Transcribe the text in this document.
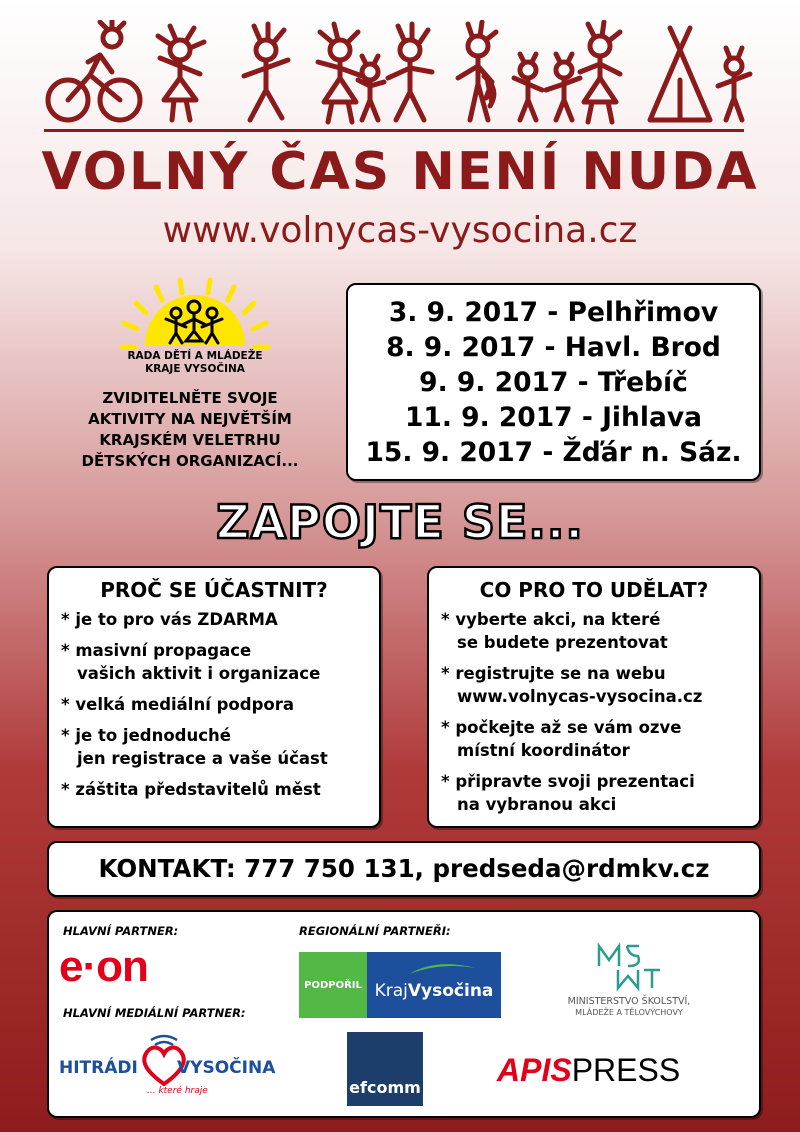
VOLNÝ ČAS NENÍ NUDA
www.volnycas-vysocina.cz
RADA DĚTÍ A MLÁDEŽE
KRAJE VYSOČINA
ZVIDITELNĚTE SVOJE
AKTIVITY NA NEJVĚTŠÍM
KRAJSKÉM VELETRHU
DĚTSKÝCH ORGANIZACÍ...
3. 9. 2017 - Pelhřimov
8. 9. 2017 - Havl. Brod
9. 9. 2017 - Třebíč
11. 9. 2017 - Jihlava
15. 9. 2017 - Žďár n. Sáz.
ZAPOJTE SE...
PROČ SE ÚČASTNIT?
* je to pro vás ZDARMA
* masivní propagace
vašich aktivit i organizace
* velká mediální podpora
* je to jednoduché
jen registrace a vaše účast
* záštita představitelů měst
CO PRO TO UDĚLAT?
* vyberte akci, na které
se budete prezentovat
* registrujte se na webu
www.volnycas-vysocina.cz
* počkejte až se vám ozve
místní koordinátor
* připravte svoji prezentaci
na vybranou akci
KONTAKT: 777 750 131, predseda@rdmkv.cz
HLAVNÍ PARTNER:	REGIONÁLNÍ PARTNEŘI:
HLAVNÍ MEDIÁLNÍ PARTNER:
e·on	PODPOŘIL Kraj Vysočina
MINISTERSTVO ŠKOLSTVÍ,
MLÁDEŽE A TĚLOVÝCHOVY
HITRÁDI VYSOČINA
... které hraje	efcomm APISPRESS
